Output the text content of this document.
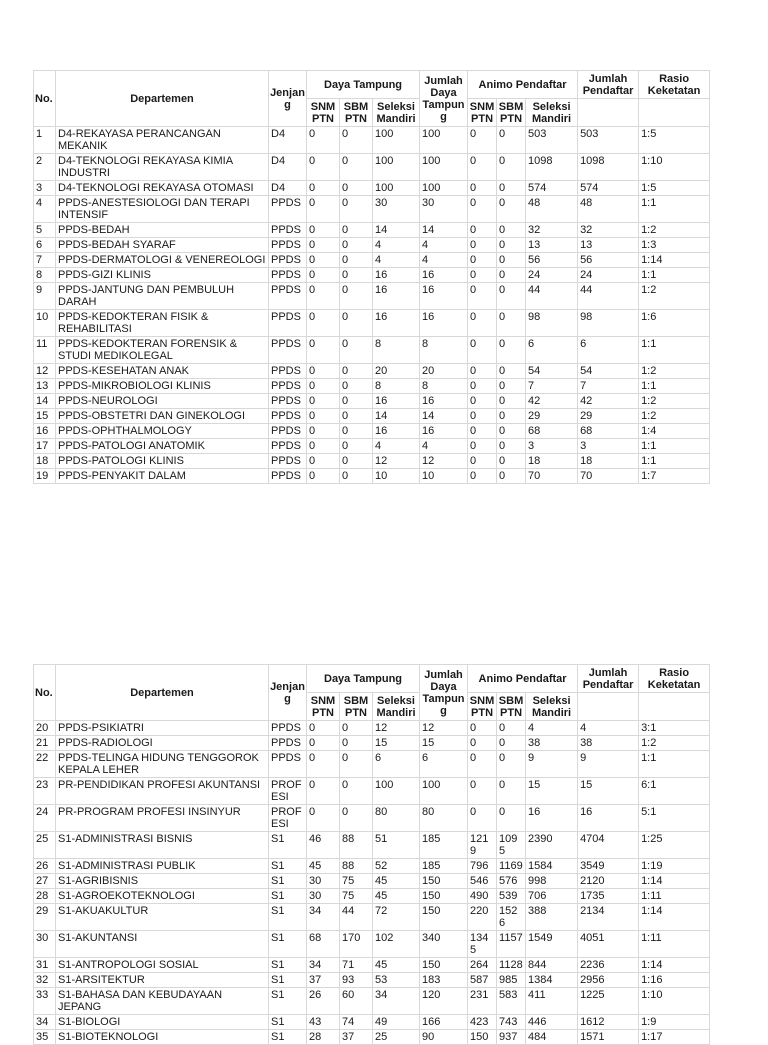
No.	Departemen	Jenjang	Daya Tampung			Jumlah Daya Tampung	Animo Pendaftar			Jumlah Pendaftar	Rasio Keketatan
			SNM PTN	SBM PTN	Seleksi Mandiri		SNM PTN	SBM PTN	Seleksi Mandiri		
1	D4-REKAYASA PERANCANGAN MEKANIK	D4	0	0	100	100	0	0	503	503	1:5
2	D4-TEKNOLOGI REKAYASA KIMIA INDUSTRI	D4	0	0	100	100	0	0	1098	1098	1:10
3	D4-TEKNOLOGI REKAYASA OTOMASI	D4	0	0	100	100	0	0	574	574	1:5
4	PPDS-ANESTESIOLOGI DAN TERAPI INTENSIF	PPDS	0	0	30	30	0	0	48	48	1:1
5	PPDS-BEDAH	PPDS	0	0	14	14	0	0	32	32	1:2
6	PPDS-BEDAH SYARAF	PPDS	0	0	4	4	0	0	13	13	1:3
7	PPDS-DERMATOLOGI & VENEREOLOGI	PPDS	0	0	4	4	0	0	56	56	1:14
8	PPDS-GIZI KLINIS	PPDS	0	0	16	16	0	0	24	24	1:1
9	PPDS-JANTUNG DAN PEMBULUH DARAH	PPDS	0	0	16	16	0	0	44	44	1:2
10	PPDS-KEDOKTERAN FISIK & REHABILITASI	PPDS	0	0	16	16	0	0	98	98	1:6
11	PPDS-KEDOKTERAN FORENSIK & STUDI MEDIKOLEGAL	PPDS	0	0	8	8	0	0	6	6	1:1
12	PPDS-KESEHATAN ANAK	PPDS	0	0	20	20	0	0	54	54	1:2
13	PPDS-MIKROBIOLOGI KLINIS	PPDS	0	0	8	8	0	0	7	7	1:1
14	PPDS-NEUROLOGI	PPDS	0	0	16	16	0	0	42	42	1:2
15	PPDS-OBSTETRI DAN GINEKOLOGI	PPDS	0	0	14	14	0	0	29	29	1:2
16	PPDS-OPHTHALMOLOGY	PPDS	0	0	16	16	0	0	68	68	1:4
17	PPDS-PATOLOGI ANATOMIK	PPDS	0	0	4	4	0	0	3	3	1:1
18	PPDS-PATOLOGI KLINIS	PPDS	0	0	12	12	0	0	18	18	1:1
19	PPDS-PENYAKIT DALAM	PPDS	0	0	10	10	0	0	70	70	1:7
No.	Departemen	Jenjang	Daya Tampung			Jumlah Daya Tampung	Animo Pendaftar			Jumlah Pendaftar	Rasio Keketatan
			SNM PTN	SBM PTN	Seleksi Mandiri		SNM PTN	SBM PTN	Seleksi Mandiri		
20	PPDS-PSIKIATRI	PPDS	0	0	12	12	0	0	4	4	3:1
21	PPDS-RADIOLOGI	PPDS	0	0	15	15	0	0	38	38	1:2
22	PPDS-TELINGA HIDUNG TENGGOROK KEPALA LEHER	PPDS	0	0	6	6	0	0	9	9	1:1
23	PR-PENDIDIKAN PROFESI AKUNTANSI	PROFESI	0	0	100	100	0	0	15	15	6:1
24	PR-PROGRAM PROFESI INSINYUR	PROFESI	0	0	80	80	0	0	16	16	5:1
25	S1-ADMINISTRASI BISNIS	S1	46	88	51	185	1219	1095	2390	4704	1:25
26	S1-ADMINISTRASI PUBLIK	S1	45	88	52	185	796	1169	1584	3549	1:19
27	S1-AGRIBISNIS	S1	30	75	45	150	546	576	998	2120	1:14
28	S1-AGROEKOTEKNOLOGI	S1	30	75	45	150	490	539	706	1735	1:11
29	S1-AKUAKULTUR	S1	34	44	72	150	220	1526	388	2134	1:14
30	S1-AKUNTANSI	S1	68	170	102	340	1345	1157	1549	4051	1:11
31	S1-ANTROPOLOGI SOSIAL	S1	34	71	45	150	264	1128	844	2236	1:14
32	S1-ARSITEKTUR	S1	37	93	53	183	587	985	1384	2956	1:16
33	S1-BAHASA DAN KEBUDAYAAN JEPANG	S1	26	60	34	120	231	583	411	1225	1:10
34	S1-BIOLOGI	S1	43	74	49	166	423	743	446	1612	1:9
35	S1-BIOTEKNOLOGI	S1	28	37	25	90	150	937	484	1571	1:17
